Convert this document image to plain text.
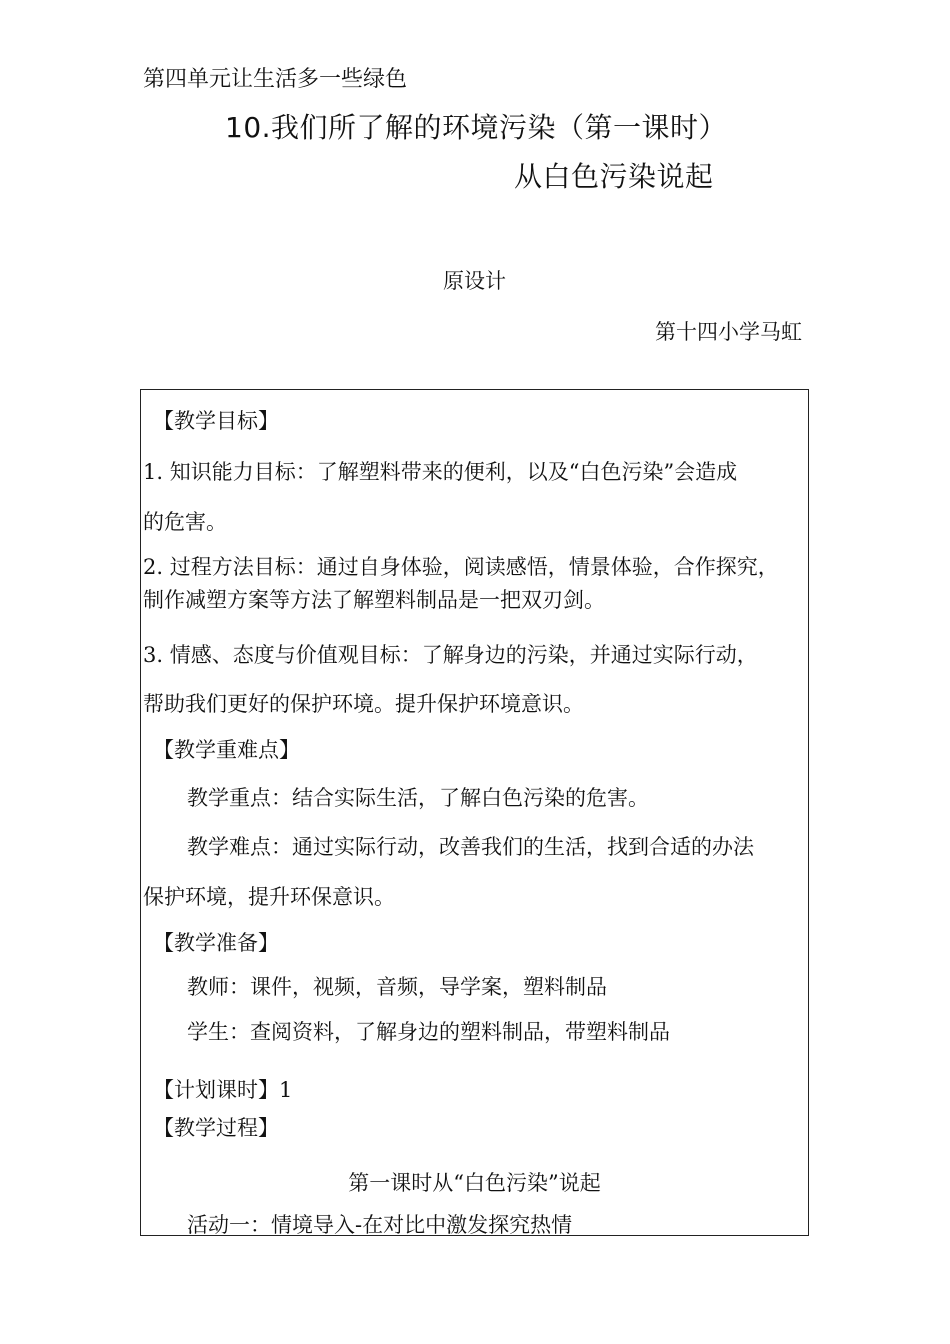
第四单元让生活多一些绿色
10.我们所了解的环境污染（第一课时）
从白色污染说起
原设计
第十四小学马虹
【教学目标】
1. 知识能力目标：了解塑料带来的便利，以及“白色污染”会造成
的危害。
2. 过程方法目标：通过自身体验，阅读感悟，情景体验，合作探究，
制作减塑方案等方法了解塑料制品是一把双刃剑。
3. 情感、态度与价值观目标：了解身边的污染，并通过实际行动，
帮助我们更好的保护环境。提升保护环境意识。
【教学重难点】
教学重点：结合实际生活，了解白色污染的危害。
教学难点：通过实际行动，改善我们的生活，找到合适的办法
保护环境，提升环保意识。
【教学准备】
教师：课件，视频，音频，导学案，塑料制品
学生：查阅资料，了解身边的塑料制品，带塑料制品
【计划课时】1
【教学过程】
第一课时从“白色污染”说起
活动一：情境导入-在对比中激发探究热情
